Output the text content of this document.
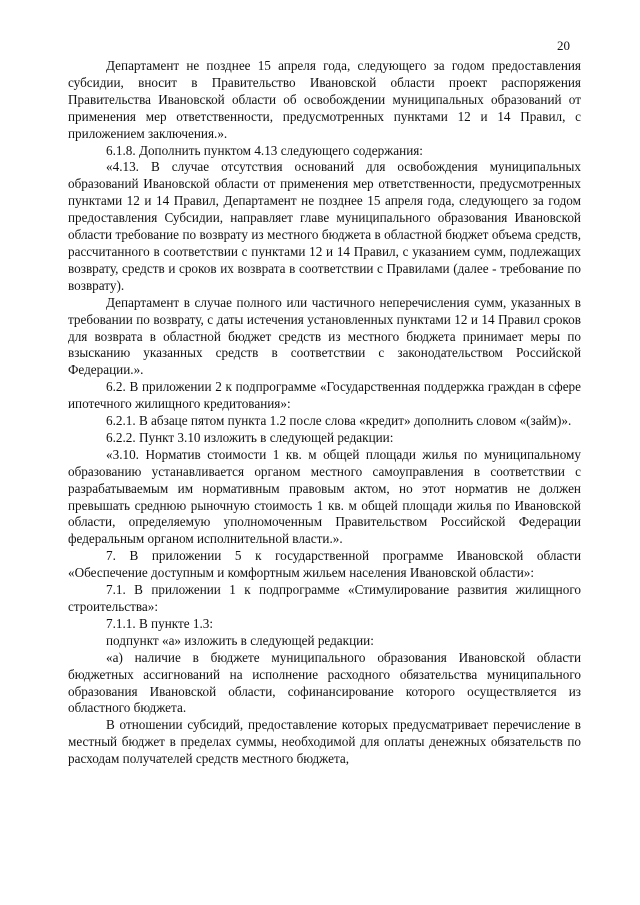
20

Департамент не позднее 15 апреля года, следующего за годом предоставления субсидии, вносит в Правительство Ивановской области проект распоряжения Правительства Ивановской области об освобождении муниципальных образований от применения мер ответственности, предусмотренных пунктами 12 и 14 Правил, с приложением заключения.».

6.1.8. Дополнить пунктом 4.13 следующего содержания:

«4.13. В случае отсутствия оснований для освобождения муниципальных образований Ивановской области от применения мер ответственности, предусмотренных пунктами 12 и 14 Правил, Департамент не позднее 15 апреля года, следующего за годом предоставления Субсидии, направляет главе муниципального образования Ивановской области требование по возврату из местного бюджета в областной бюджет объема средств, рассчитанного в соответствии с пунктами 12 и 14 Правил, с указанием сумм, подлежащих возврату, средств и сроков их возврата в соответствии с Правилами (далее - требование по возврату).

Департамент в случае полного или частичного неперечисления сумм, указанных в требовании по возврату, с даты истечения установленных пунктами 12 и 14 Правил сроков для возврата в областной бюджет средств из местного бюджета принимает меры по взысканию указанных средств в соответствии с законодательством Российской Федерации.».

6.2. В приложении 2 к подпрограмме «Государственная поддержка граждан в сфере ипотечного жилищного кредитования»:

6.2.1. В абзаце пятом пункта 1.2 после слова «кредит» дополнить словом «(займ)».

6.2.2. Пункт 3.10 изложить в следующей редакции:

«3.10. Норматив стоимости 1 кв. м общей площади жилья по муниципальному образованию устанавливается органом местного самоуправления в соответствии с разрабатываемым им нормативным правовым актом, но этот норматив не должен превышать среднюю рыночную стоимость 1 кв. м общей площади жилья по Ивановской области, определяемую уполномоченным Правительством Российской Федерации федеральным органом исполнительной власти.».

7. В приложении 5 к государственной программе Ивановской области «Обеспечение доступным и комфортным жильем населения Ивановской области»:

7.1. В приложении 1 к подпрограмме «Стимулирование развития жилищного строительства»:

7.1.1. В пункте 1.3:

подпункт «а» изложить в следующей редакции:

«а) наличие в бюджете муниципального образования Ивановской области бюджетных ассигнований на исполнение расходного обязательства муниципального образования Ивановской области, софинансирование которого осуществляется из областного бюджета.

В отношении субсидий, предоставление которых предусматривает перечисление в местный бюджет в пределах суммы, необходимой для оплаты денежных обязательств по расходам получателей средств местного бюджета,
